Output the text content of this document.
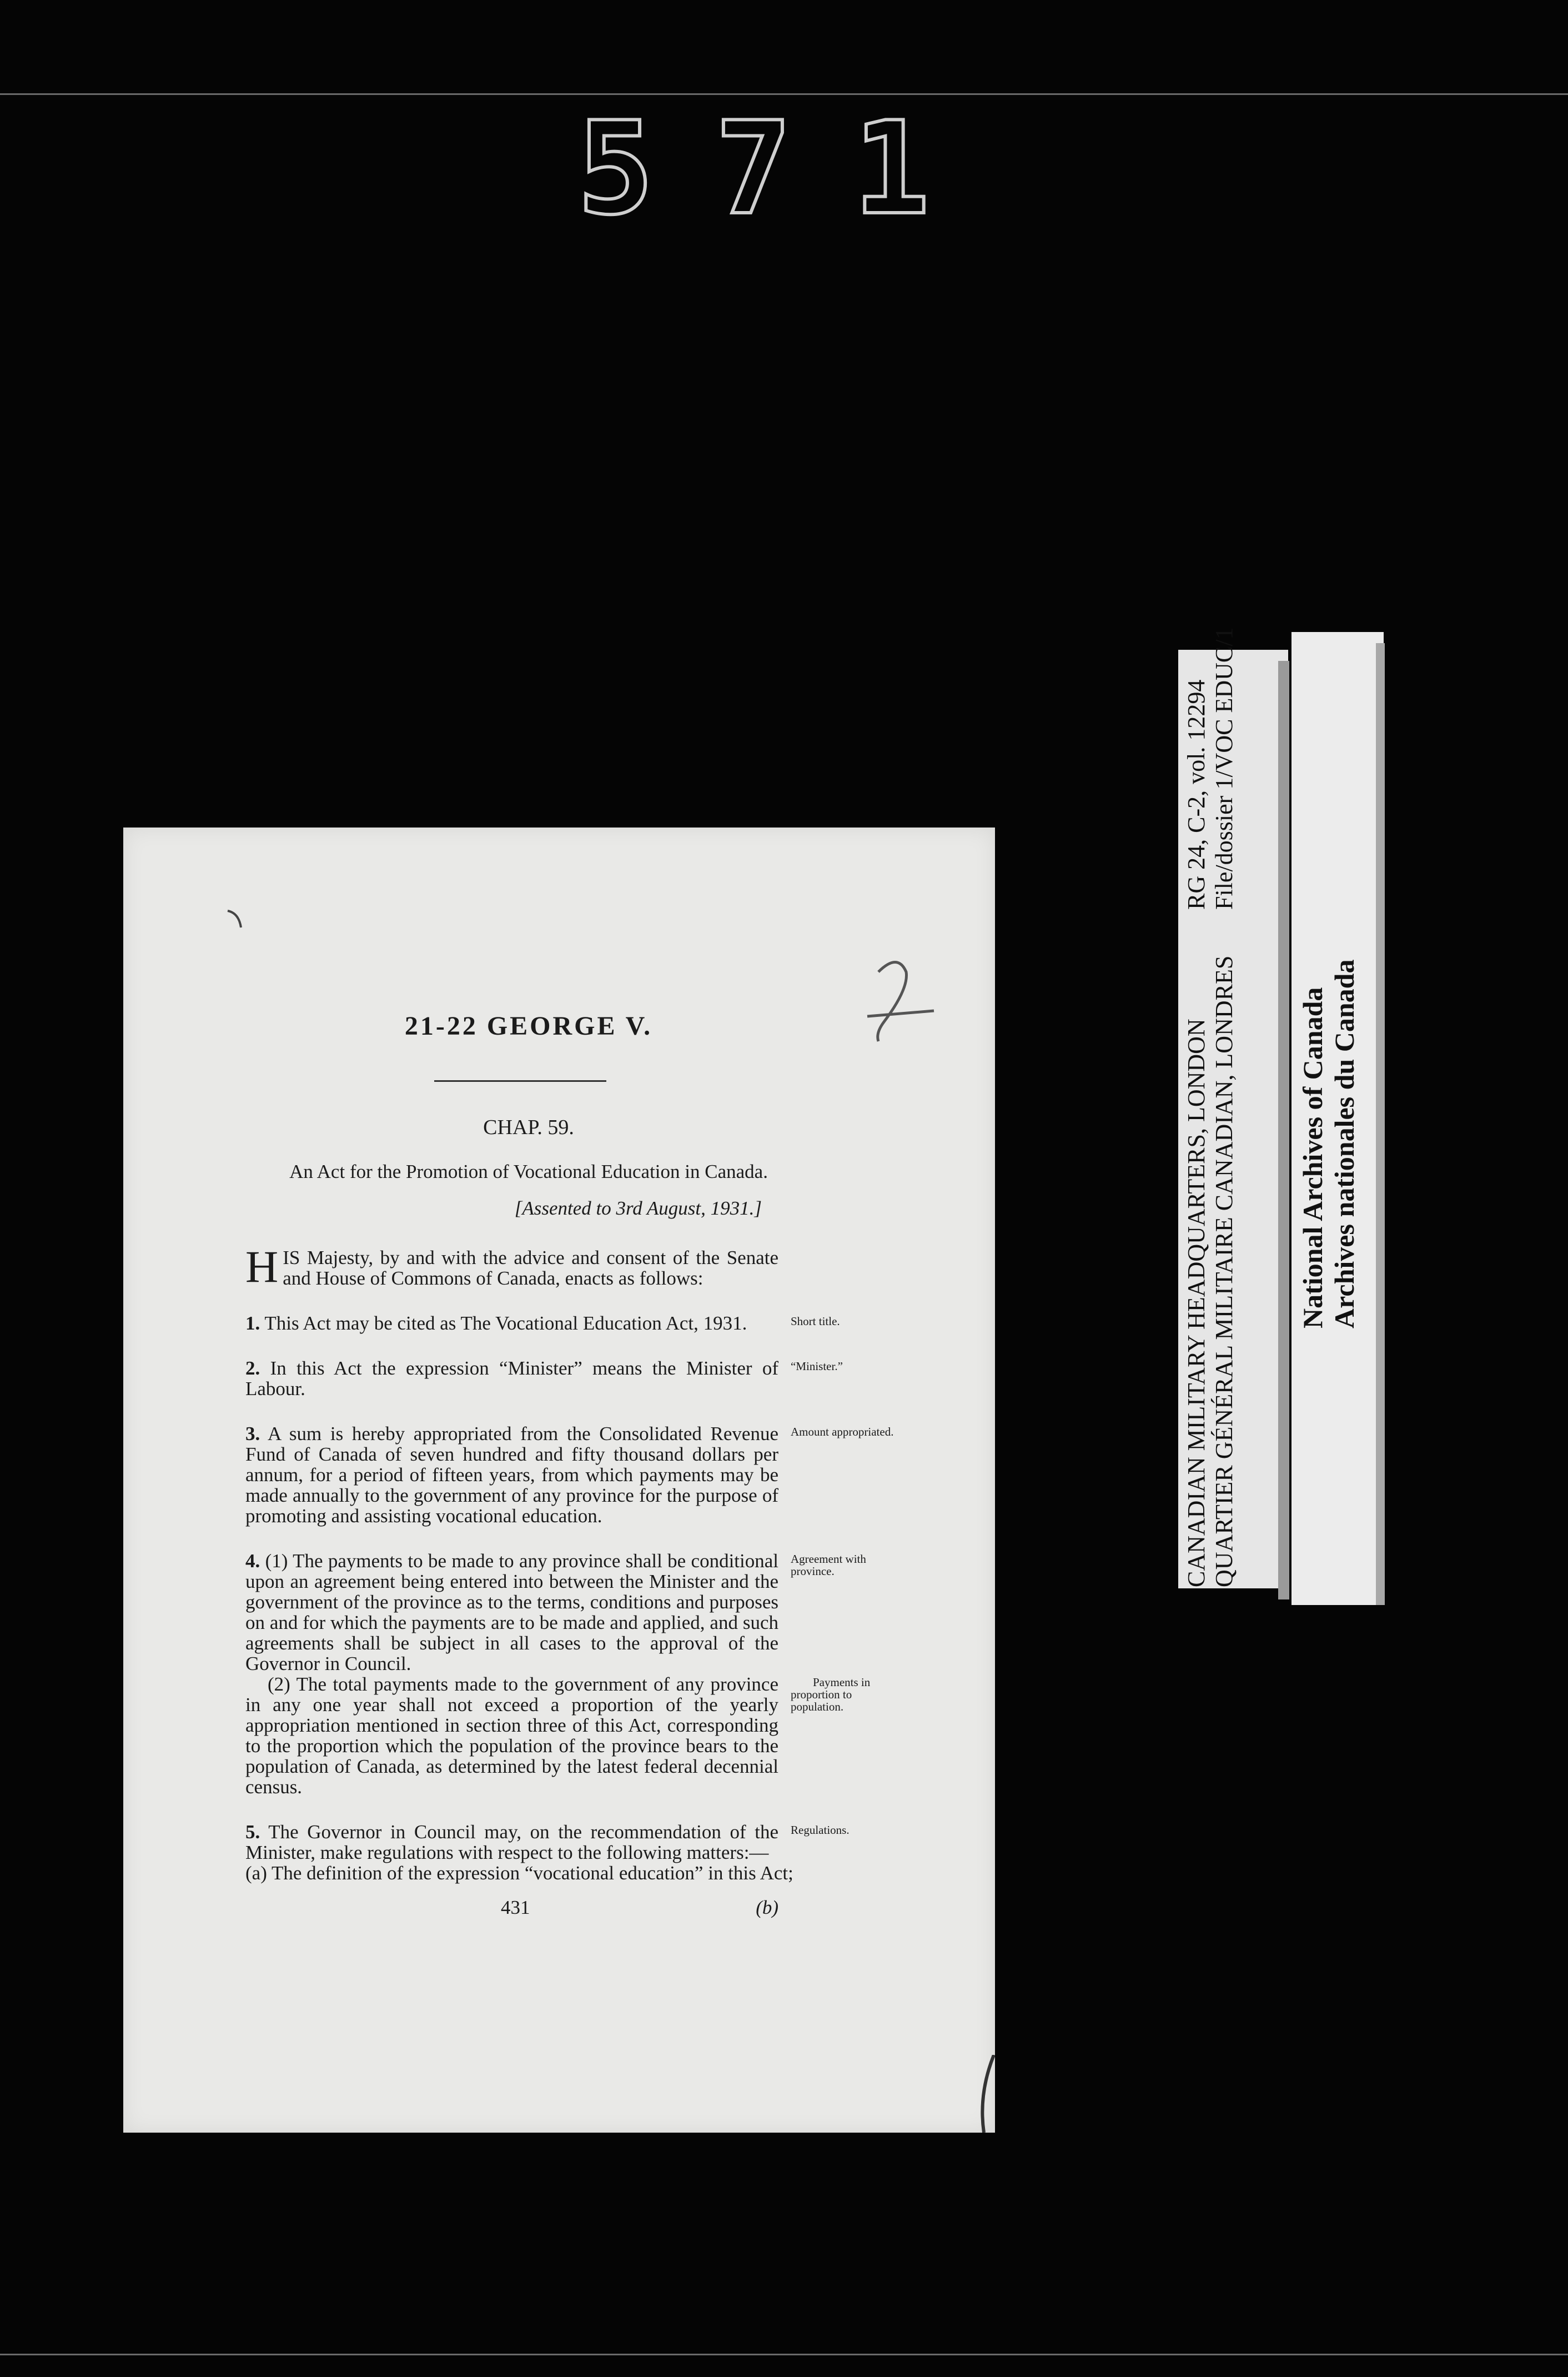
571
21-22 GEORGE V.
CHAP. 59.
An Act for the Promotion of Vocational Education in Canada.
[Assented to 3rd August, 1931.]
HIS Majesty, by and with the advice and consent of the Senate and House of Commons of Canada, enacts as follows:
1. This Act may be cited as The Vocational Education Act, 1931.	Short title.
2. In this Act the expression “Minister” means the Minister of Labour.
“Minister.”
3. A sum is hereby appropriated from the Consolidated Revenue Fund of Canada of seven hundred and fifty thousand dollars per annum, for a period of fifteen years, from which payments may be made annually to the government of any province for the purpose of promoting and assisting vocational education.
Amount appropriated.
4. (1) The payments to be made to any province shall be conditional upon an agreement being entered into between the Minister and the government of the province as to the terms, conditions and purposes on and for which the payments are to be made and applied, and such agreements shall be subject in all cases to the approval of the Governor in Council.
Agreement with province.
(2) The total payments made to the government of any province in any one year shall not exceed a proportion of the yearly appropriation mentioned in section three of this Act, corresponding to the proportion which the population of the province bears to the population of Canada, as determined by the latest federal decennial census.
Payments in proportion to population.
5. The Governor in Council may, on the recommendation of the Minister, make regulations with respect to the following matters:—
Regulations.
(a) The definition of the expression “vocational education” in this Act;
431	(b)
CANADIAN MILITARY HEADQUARTERS, LONDON QUARTIER GÉNÉRAL MILITAIRE CANADIAN, LONDRES
RG 24, C-2, vol. 12294 File/dossier 1/VOC EDUC/1
National Archives of Canada Archives nationales du Canada
